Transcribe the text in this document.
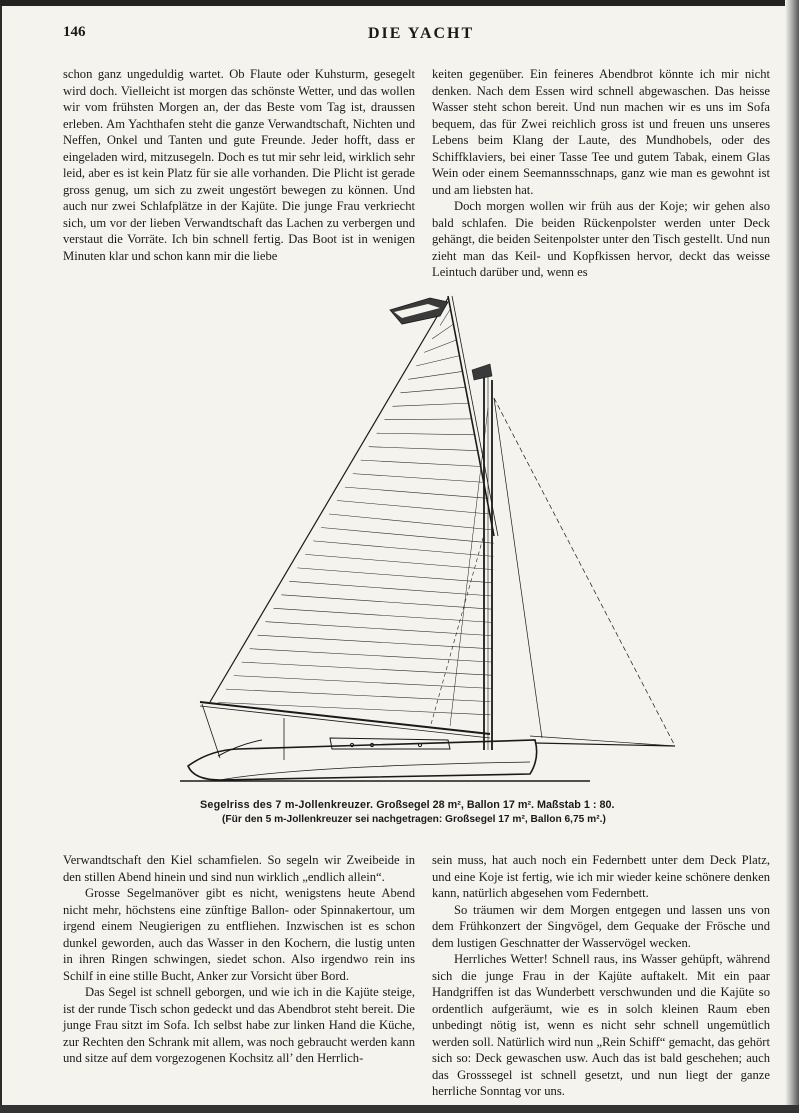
146	DIE YACHT

schon ganz ungeduldig wartet. Ob Flaute oder Kuhsturm, gesegelt wird doch. Vielleicht ist morgen das schönste Wetter, und das wollen wir vom frühsten Morgen an, der das Beste vom Tag ist, draussen erleben. Am Yachthafen steht die ganze Verwandtschaft, Nichten und Neffen, Onkel und Tanten und gute Freunde. Jeder hofft, dass er eingeladen wird, mitzusegeln. Doch es tut mir sehr leid, wirklich sehr leid, aber es ist kein Platz für sie alle vorhanden. Die Plicht ist gerade gross genug, um sich zu zweit ungestört bewegen zu können. Und auch nur zwei Schlafplätze in der Kajüte. Die junge Frau verkriecht sich, um vor der lieben Verwandtschaft das Lachen zu verbergen und verstaut die Vorräte. Ich bin schnell fertig. Das Boot ist in wenigen Minuten klar und schon kann mir die liebe

keiten gegenüber. Ein feineres Abendbrot könnte ich mir nicht denken. Nach dem Essen wird schnell abgewaschen. Das heisse Wasser steht schon bereit. Und nun machen wir es uns im Sofa bequem, das für Zwei reichlich gross ist und freuen uns unseres Lebens beim Klang der Laute, des Mundhobels, oder des Schiffklaviers, bei einer Tasse Tee und gutem Tabak, einem Glas Wein oder einem Seemannsschnaps, ganz wie man es gewohnt ist und am liebsten hat.

Doch morgen wollen wir früh aus der Koje; wir gehen also bald schlafen. Die beiden Rückenpolster werden unter Deck gehängt, die beiden Seitenpolster unter den Tisch gestellt. Und nun zieht man das Keil- und Kopfkissen hervor, deckt das weisse Leintuch darüber und, wenn es

Segelriss des 7 m-Jollenkreuzer. Großsegel 28 m², Ballon 17 m². Maßstab 1 : 80.
(Für den 5 m-Jollenkreuzer sei nachgetragen: Großsegel 17 m², Ballon 6,75 m².)

Verwandtschaft den Kiel schamfielen. So segeln wir Zweibeide in den stillen Abend hinein und sind nun wirklich „endlich allein“.

Grosse Segelmanöver gibt es nicht, wenigstens heute Abend nicht mehr, höchstens eine zünftige Ballon- oder Spinnakertour, um irgend einem Neugierigen zu entfliehen. Inzwischen ist es schon dunkel geworden, auch das Wasser in den Kochern, die lustig unten in ihren Ringen schwingen, siedet schon. Also irgendwo rein ins Schilf in eine stille Bucht, Anker zur Vorsicht über Bord.

Das Segel ist schnell geborgen, und wie ich in die Kajüte steige, ist der runde Tisch schon gedeckt und das Abendbrot steht bereit. Die junge Frau sitzt im Sofa. Ich selbst habe zur linken Hand die Küche, zur Rechten den Schrank mit allem, was noch gebraucht werden kann und sitze auf dem vorgezogenen Kochsitz all’ den Herrlich-

sein muss, hat auch noch ein Federnbett unter dem Deck Platz, und eine Koje ist fertig, wie ich mir wieder keine schönere denken kann, natürlich abgesehen vom Federnbett.

So träumen wir dem Morgen entgegen und lassen uns von dem Frühkonzert der Singvögel, dem Gequake der Frösche und dem lustigen Geschnatter der Wasservögel wecken.

Herrliches Wetter! Schnell raus, ins Wasser gehüpft, während sich die junge Frau in der Kajüte auftakelt. Mit ein paar Handgriffen ist das Wunderbett verschwunden und die Kajüte so ordentlich aufgeräumt, wie es in solch kleinen Raum eben unbedingt nötig ist, wenn es nicht sehr schnell ungemütlich werden soll. Natürlich wird nun „Rein Schiff“ gemacht, das gehört sich so: Deck gewaschen usw. Auch das ist bald geschehen; auch das Grosssegel ist schnell gesetzt, und nun liegt der ganze herrliche Sonntag vor uns.
